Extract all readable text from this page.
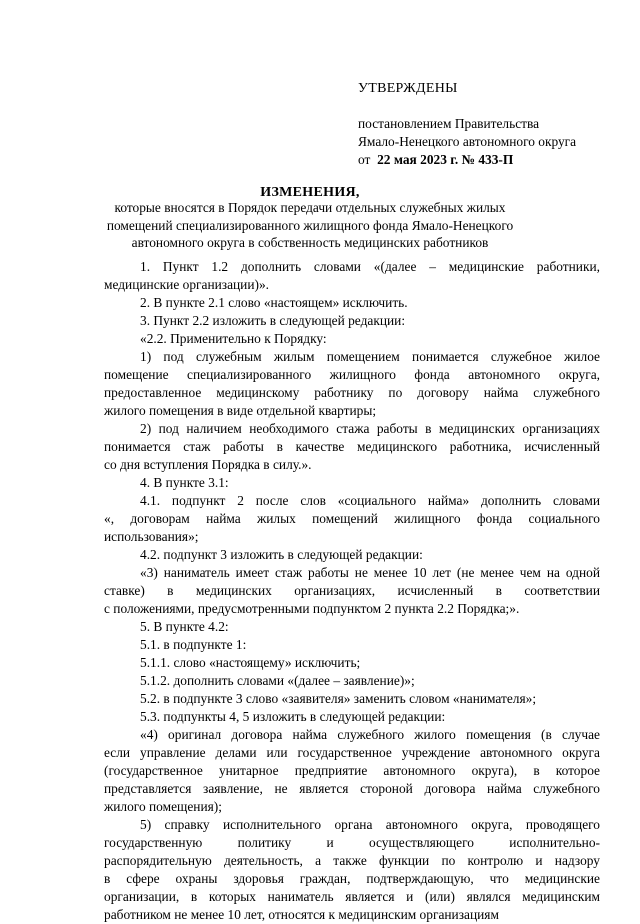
УТВЕРЖДЕНЫ
постановлением Правительства
Ямало-Ненецкого автономного округа
от 22 мая 2023 г. № 433-П
ИЗМЕНЕНИЯ,
которые вносятся в Порядок передачи отдельных служебных жилых
помещений специализированного жилищного фонда Ямало-Ненецкого
автономного округа в собственность медицинских работников
1. Пункт 1.2 дополнить словами «(далее – медицинские работники,
медицинские организации)».
2. В пункте 2.1 слово «настоящем» исключить.
3. Пункт 2.2 изложить в следующей редакции:
«2.2. Применительно к Порядку:
1) под служебным жилым помещением понимается служебное жилое
помещение специализированного жилищного фонда автономного округа,
предоставленное медицинскому работнику по договору найма служебного
жилого помещения в виде отдельной квартиры;
2) под наличием необходимого стажа работы в медицинских организациях
понимается стаж работы в качестве медицинского работника, исчисленный
со дня вступления Порядка в силу.».
4. В пункте 3.1:
4.1. подпункт 2 после слов «социального найма» дополнить словами
«, договорам найма жилых помещений жилищного фонда социального
использования»;
4.2. подпункт 3 изложить в следующей редакции:
«3) наниматель имеет стаж работы не менее 10 лет (не менее чем на одной
ставке) в медицинских организациях, исчисленный в соответствии
с положениями, предусмотренными подпунктом 2 пункта 2.2 Порядка;».
5. В пункте 4.2:
5.1. в подпункте 1:
5.1.1. слово «настоящему» исключить;
5.1.2. дополнить словами «(далее – заявление)»;
5.2. в подпункте 3 слово «заявителя» заменить словом «нанимателя»;
5.3. подпункты 4, 5 изложить в следующей редакции:
«4) оригинал договора найма служебного жилого помещения (в случае
если управление делами или государственное учреждение автономного округа
(государственное унитарное предприятие автономного округа), в которое
представляется заявление, не является стороной договора найма служебного
жилого помещения);
5) справку исполнительного органа автономного округа, проводящего
государственную политику и осуществляющего исполнительно-
распорядительную деятельность, а также функции по контролю и надзору
в сфере охраны здоровья граждан, подтверждающую, что медицинские
организации, в которых наниматель является и (или) являлся медицинским
работником не менее 10 лет, относятся к медицинским организациям
